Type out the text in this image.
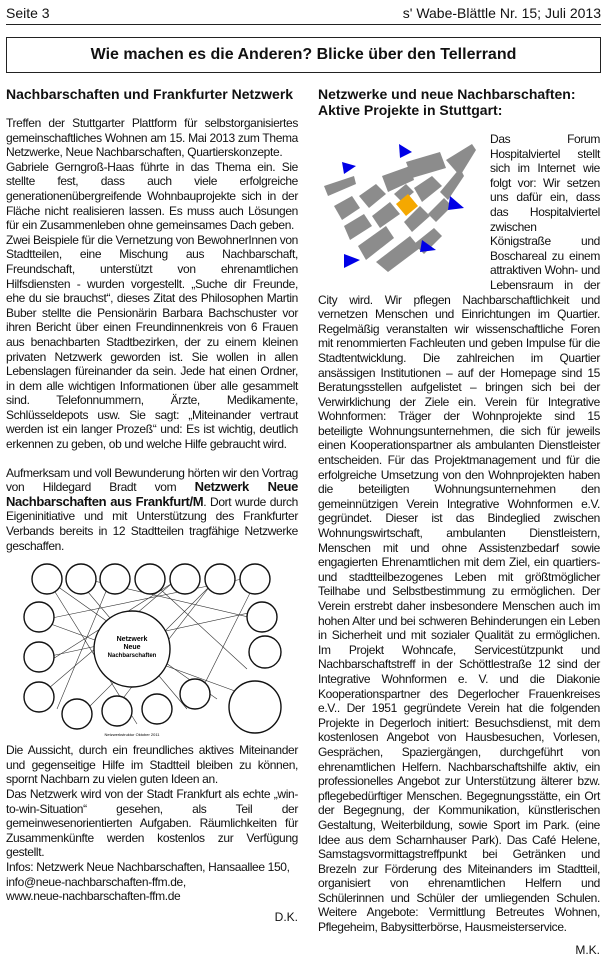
Seite 3	s' Wabe-Blättle Nr. 15; Juli 2013
Wie machen es die Anderen? Blicke über den Tellerrand
Nachbarschaften und Frankfurter Netzwerk

Treffen der Stuttgarter Plattform für selbstorganisiertes gemeinschaftliches Wohnen am 15. Mai 2013 zum Thema Netzwerke, Neue Nachbarschaften, Quartierskonzepte.

Gabriele Gerngroß-Haas führte in das Thema ein. Sie stellte fest, dass auch viele erfolgreiche generationenübergreifende Wohnbauprojekte sich in der Fläche nicht realisieren lassen. Es muss auch Lösungen für ein Zusammenleben ohne gemeinsames Dach geben.

Zwei Beispiele für die Vernetzung von BewohnerInnen von Stadtteilen, eine Mischung aus Nachbarschaft, Freundschaft, unterstützt von ehrenamtlichen Hilfsdiensten - wurden vorgestellt. „Suche dir Freunde, ehe du sie brauchst“, dieses Zitat des Philosophen Martin Buber stellte die Pensionärin Barbara Bachschuster vor ihren Bericht über einen Freundinnenkreis von 6 Frauen aus benachbarten Stadtbezirken, der zu einem kleinen privaten Netzwerk geworden ist. Sie wollen in allen Lebenslagen füreinander da sein. Jede hat einen Ordner, in dem alle wichtigen Informationen über alle gesammelt sind. Telefonnummern, Ärzte, Medikamente, Schlüsseldepots usw. Sie sagt: „Miteinander vertraut werden ist ein langer Prozeß“ und: Es ist wichtig, deutlich erkennen zu geben, ob und welche Hilfe gebraucht wird.

Aufmerksam und voll Bewunderung hörten wir den Vortrag von Hildegard Bradt vom Netzwerk Neue Nachbarschaften aus Frankfurt/M. Dort wurde durch Eigeninitiative und mit Unterstützung des Frankfurter Verbands bereits in 12 Stadtteilen tragfähige Netzwerke geschaffen.

Netzwerk
Neue
Nachbarschaften
Netzwerkstruktur Oktober 2011

Die Aussicht, durch ein freundliches aktives Miteinander und gegenseitige Hilfe im Stadtteil bleiben zu können, spornt Nachbarn zu vielen guten Ideen an.

Das Netzwerk wird von der Stadt Frankfurt als echte „win-to-win-Situation“ gesehen, als Teil der gemeinwesenorientierten Aufgaben. Räumlichkeiten für Zusammenkünfte werden kostenlos zur Verfügung gestellt.

Infos: Netzwerk Neue Nachbarschaften, Hansaallee 150,

info@neue-nachbarschaften-ffm.de,

www.neue-nachbarschaften-ffm.de

D.K.
Netzwerke und neue Nachbarschaften:
Aktive Projekte in Stuttgart:

Das Forum Hospitalviertel stellt sich im Internet wie folgt vor: Wir setzen uns dafür ein, dass das Hospitalviertel zwischen Königstraße und Boschareal zu einem attraktiven Wohn- und Lebensraum in der City wird. Wir pflegen Nachbarschaftlichkeit und vernetzen Menschen und Einrichtungen im Quartier. Regelmäßig veranstalten wir wissenschaftliche Foren mit renommierten Fachleuten und geben Impulse für die Stadtentwicklung. Die zahlreichen im Quartier ansässigen Institutionen – auf der Homepage sind 15 Beratungsstellen aufgelistet – bringen sich bei der Verwirklichung der Ziele ein. Verein für Integrative Wohnformen: Träger der Wohnprojekte sind 15 beteiligte Wohnungsunternehmen, die sich für jeweils einen Kooperationspartner als ambulanten Dienstleister entscheiden. Für das Projektmanagement und für die erfolgreiche Umsetzung von den Wohnprojekten haben die beteiligten Wohnungsunternehmen den gemeinnützigen Verein Integrative Wohnformen e.V. gegründet. Dieser ist das Bindeglied zwischen Wohnungswirtschaft, ambulanten Dienstleistern, Menschen mit und ohne Assistenzbedarf sowie engagierten Ehrenamtlichen mit dem Ziel, ein quartiers- und stadtteilbezogenes Leben mit größtmöglicher Teilhabe und Selbstbestimmung zu ermöglichen. Der Verein erstrebt daher insbesondere Menschen auch im hohen Alter und bei schweren Behinderungen ein Leben in Sicherheit und mit sozialer Qualität zu ermöglichen. Im Projekt Wohncafe, Servicestützpunkt und Nachbarschaftstreff in der Schöttlestraße 12 sind der Integrative Wohnformen e. V. und die Diakonie Kooperationspartner des Degerlocher Frauenkreises e.V.. Der 1951 gegründete Verein hat die folgenden Projekte in Degerloch initiert: Besuchsdienst, mit dem kostenlosen Angebot von Hausbesuchen, Vorlesen, Gesprächen, Spaziergängen, durchgeführt von ehrenamtlichen Helfern. Nachbarschaftshilfe aktiv, ein professionelles Angebot zur Unterstützung älterer bzw. pflegebedürftiger Menschen. Begegnungsstätte, ein Ort der Begegnung, der Kommunikation, künstlerischen Gestaltung, Weiterbildung, sowie Sport im Park. (eine Idee aus dem Scharnhauser Park). Das Café Helene, Samstagsvormittagstreffpunkt bei Getränken und Brezeln zur Förderung des Miteinanders im Stadtteil, organisiert von ehrenamtlichen Helfern und Schülerinnen und Schüler der umliegenden Schulen. Weitere Angebote: Vermittlung Betreutes Wohnen, Pflegeheim, Babysitterbörse, Hausmeisterservice.

M.K.
